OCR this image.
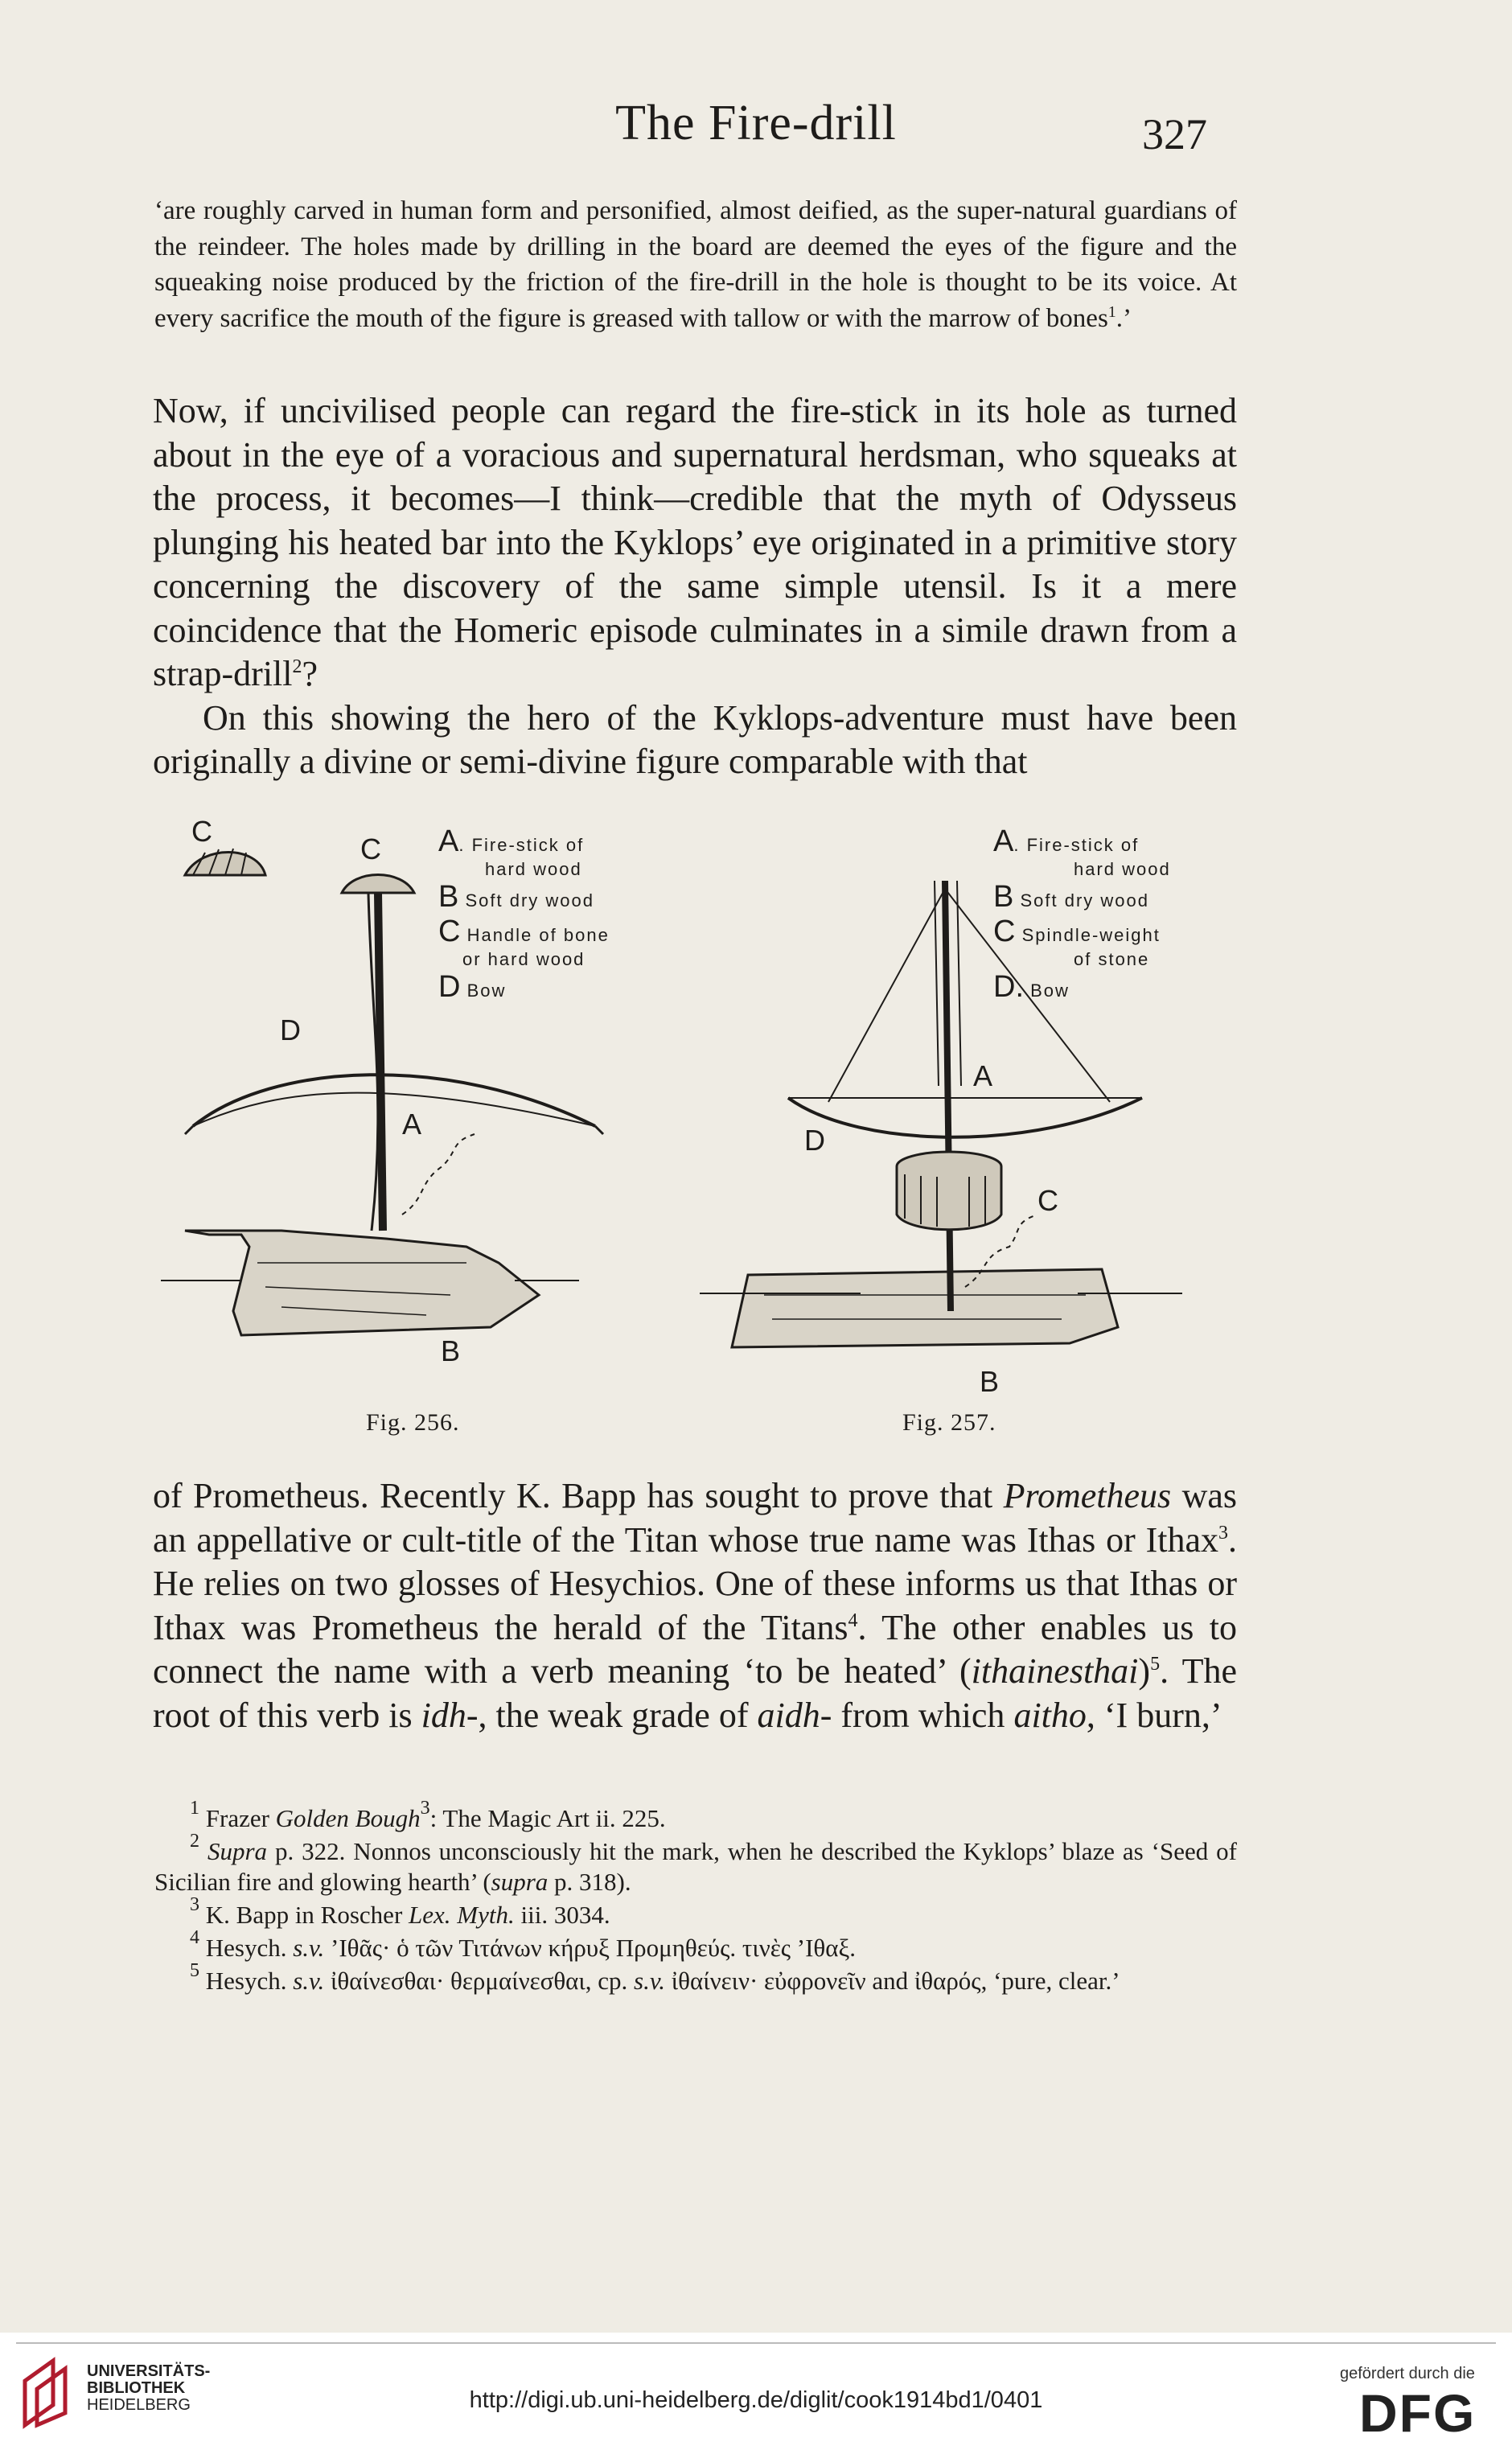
The Fire-drill	327
‘are roughly carved in human form and personified, almost deified, as the super-natural guardians of the reindeer. The holes made by drilling in the board are deemed the eyes of the figure and the squeaking noise produced by the friction of the fire-drill in the hole is thought to be its voice. At every sacrifice the mouth of the figure is greased with tallow or with the marrow of bones$^1$.’

Now, if uncivilised people can regard the fire-stick in its hole as turned about in the eye of a voracious and supernatural herdsman, who squeaks at the process, it becomes—I think—credible that the myth of Odysseus plunging his heated bar into the Kyklops’ eye originated in a primitive story concerning the discovery of the same simple utensil. Is it a mere coincidence that the Homeric episode culminates in a simile drawn from a strap-drill$^2$?

On this showing the hero of the Kyklops-adventure must have been originally a divine or semi-divine figure comparable with that

C
C
D
A
B
A. Fire-stick of
hard wood
B Soft dry wood
C Handle of bone
or hard wood
D Bow
Fig. 256.
A
D
C
B
A. Fire-stick of
hard wood
B Soft dry wood
C Spindle-weight
of stone
D. Bow
Fig. 257.

of Prometheus. Recently K. Bapp has sought to prove that Prometheus was an appellative or cult-title of the Titan whose true name was Ithas or Ithax$^3$. He relies on two glosses of Hesychios. One of these informs us that Ithas or Ithax was Prometheus the herald of the Titans$^4$. The other enables us to connect the name with a verb meaning ‘to be heated’ (ithainesthai)$^5$. The root of this verb is idh-, the weak grade of aidh- from which aitho, ‘I burn,’

$^1$ Frazer Golden Bough$^3$: The Magic Art ii. 225.

$^2$ Supra p. 322. Nonnos unconsciously hit the mark, when he described the Kyklops’ blaze as ‘Seed of Sicilian fire and glowing hearth’ (supra p. 318).

$^3$ K. Bapp in Roscher Lex. Myth. iii. 3034.

$^4$ Hesych. s.v. ’Ιθᾶς· ὁ τῶν Τιτάνων κήρυξ Προμηθεύς. τινὲς ’Ιθαξ.

$^5$ Hesych. s.v. ἰθαίνεσθαι· θερμαίνεσθαι, cp. s.v. ἰθαίνειν· εὐφρονεῖν and ἰθαρός, ‘pure, clear.’

UNIVERSITÄTS-
BIBLIOTHEK
HEIDELBERG	http://digi.ub.uni-heidelberg.de/diglit/cook1914bd1/0401
gefördert durch die
DFG
